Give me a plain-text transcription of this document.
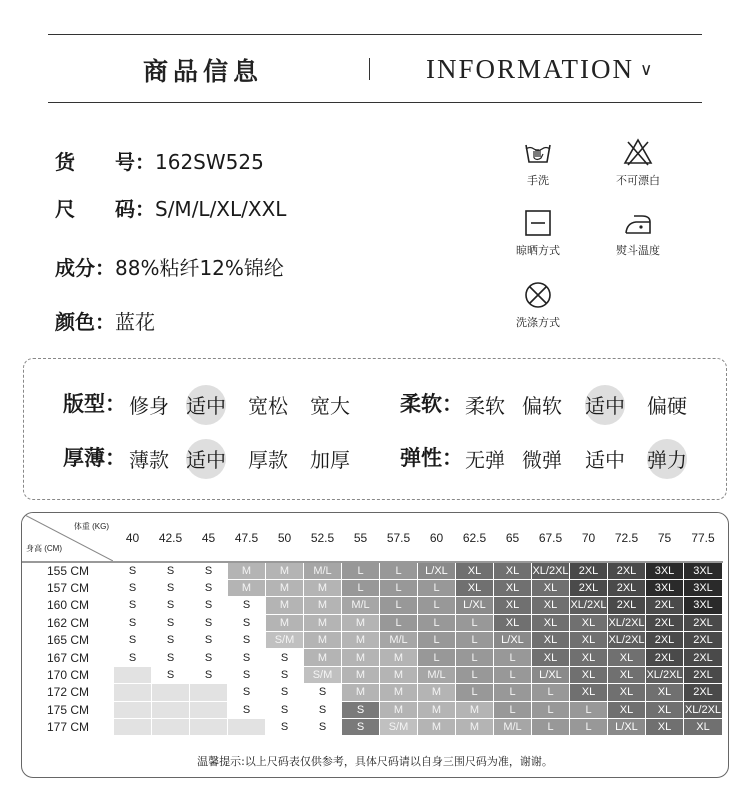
商品信息	INFORMATION ∨
货　　号：162SW525
尺　　码：S/M/L/XL/XXL
成分：88%粘纤12%锦纶
颜色：蓝花
手洗	不可漂白
晾晒方式	熨斗温度
洗涤方式
版型： 修身 适中 宽松 宽大 柔软： 柔软 偏软 适中 偏硬
厚薄： 薄款 适中 厚款 加厚 弹性： 无弹 微弹 适中 弹力
体重 (KG)
身高 (CM)	40	42.5	45	47.5	50	52.5	55	57.5	60	62.5	65	67.5	70	72.5	75	77.5
155 CM	S	S	S	M	M	M/L	L	L	L/XL	XL	XL	XL/2XL	2XL	2XL	3XL	3XL
157 CM	S	S	S	M	M	M	L	L	L	XL	XL	XL	2XL	2XL	3XL	3XL
160 CM	S	S	S	S	M	M	M/L	L	L	L/XL	XL	XL	XL/2XL	2XL	2XL	3XL
162 CM	S	S	S	S	M	M	M	L	L	L	XL	XL	XL	XL/2XL	2XL	2XL
165 CM	S	S	S	S	S/M	M	M	M/L	L	L	L/XL	XL	XL	XL/2XL	2XL	2XL
167 CM	S	S	S	S	S	M	M	M	L	L	L	XL	XL	XL	2XL	2XL
170 CM		S	S	S	S	S/M	M	M	M/L	L	L	L/XL	XL	XL	XL/2XL	2XL
172 CM				S	S	S	M	M	M	L	L	L	XL	XL	XL	2XL
175 CM				S	S	S	S	M	M	M	L	L	L	XL	XL	XL/2XL
177 CM					S	S	S	S/M	M	M	M/L	L	L	L/XL	XL	XL
温馨提示:以上尺码表仅供参考，具体尺码请以自身三围尺码为准，谢谢。
